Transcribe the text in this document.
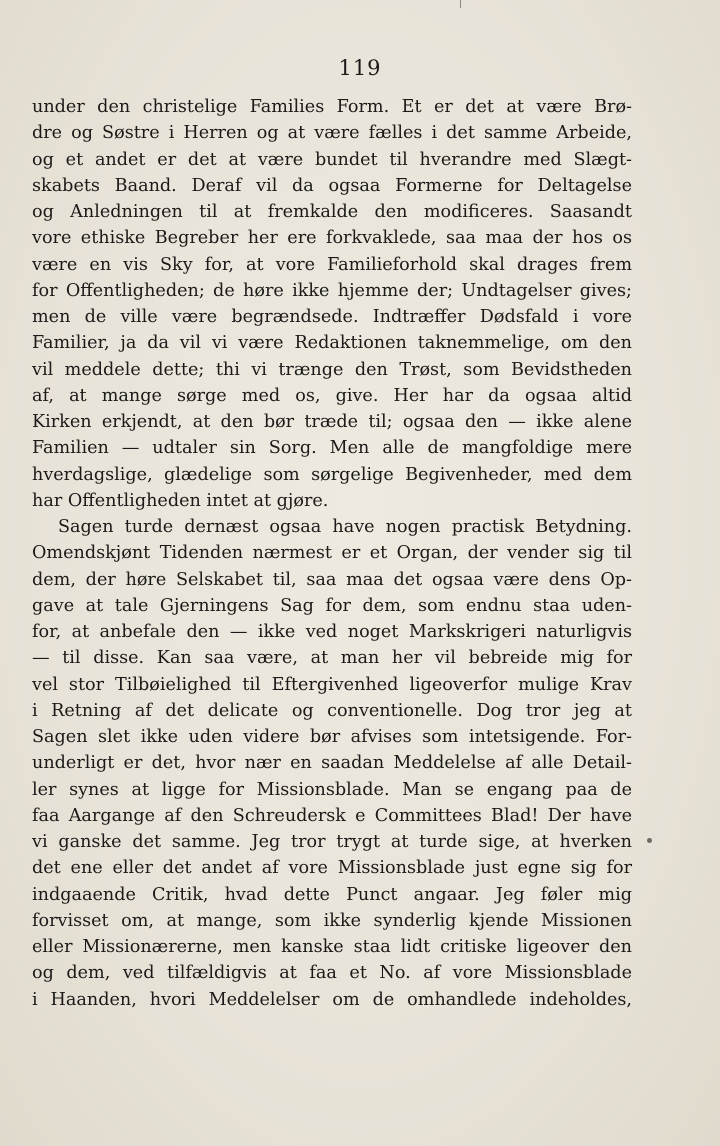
119
under den christelige Families Form. Et er det at være Brø-
dre og Søstre i Herren og at være fælles i det samme Arbeide,
og et andet er det at være bundet til hverandre med Slægt-
skabets Baand. Deraf vil da ogsaa Formerne for Deltagelse
og Anledningen til at fremkalde den modificeres. Saasandt
vore ethiske Begreber her ere forkvaklede, saa maa der hos os
være en vis Sky for, at vore Familieforhold skal drages frem
for Offentligheden; de høre ikke hjemme der; Undtagelser gives;
men de ville være begrændsede. Indtræffer Dødsfald i vore
Familier, ja da vil vi være Redaktionen taknemmelige, om den
vil meddele dette; thi vi trænge den Trøst, som Bevidstheden
af, at mange sørge med os, give. Her har da ogsaa altid
Kirken erkjendt, at den bør træde til; ogsaa den — ikke alene
Familien — udtaler sin Sorg. Men alle de mangfoldige mere
hverdagslige, glædelige som sørgelige Begivenheder, med dem
har Offentligheden intet at gjøre.
Sagen turde dernæst ogsaa have nogen practisk Betydning.
Omendskjønt Tidenden nærmest er et Organ, der vender sig til
dem, der høre Selskabet til, saa maa det ogsaa være dens Op-
gave at tale Gjerningens Sag for dem, som endnu staa uden-
for, at anbefale den — ikke ved noget Markskrigeri naturligvis
— til disse. Kan saa være, at man her vil bebreide mig for
vel stor Tilbøielighed til Eftergivenhed ligeoverfor mulige Krav
i Retning af det delicate og conventionelle. Dog tror jeg at
Sagen slet ikke uden videre bør afvises som intetsigende. For-
underligt er det, hvor nær en saadan Meddelelse af alle Detail-
ler synes at ligge for Missionsblade. Man se engang paa de
faa Aargange af den Schreudersk e Committees Blad! Der have
vi ganske det samme. Jeg tror trygt at turde sige, at hverken
det ene eller det andet af vore Missionsblade just egne sig for
indgaaende Critik, hvad dette Punct angaar. Jeg føler mig
forvisset om, at mange, som ikke synderlig kjende Missionen
eller Missionærerne, men kanske staa lidt critiske ligeover den
og dem, ved tilfældigvis at faa et No. af vore Missionsblade
i Haanden, hvori Meddelelser om de omhandlede indeholdes,
